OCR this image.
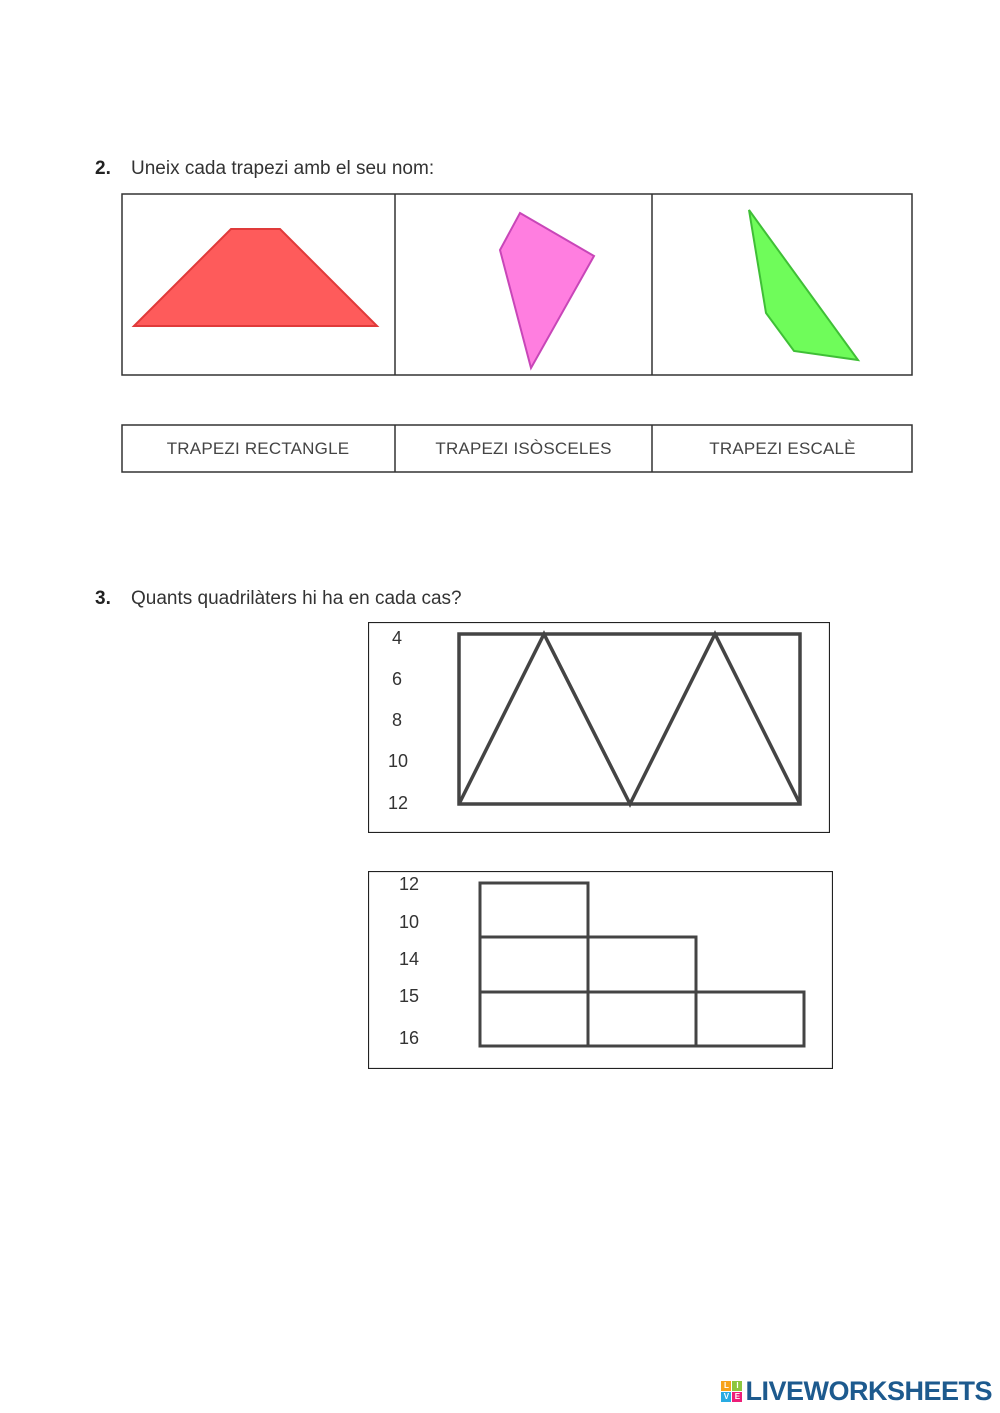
2. Uneix cada trapezi amb el seu nom:
TRAPEZI RECTANGLE	TRAPEZI ISÒSCELES	TRAPEZI ESCALÈ
3. Quants quadrilàters hi ha en cada cas?
4
6
8
10
12
12
10
14
15
16
L I
V E LIVEWORKSHEETS
